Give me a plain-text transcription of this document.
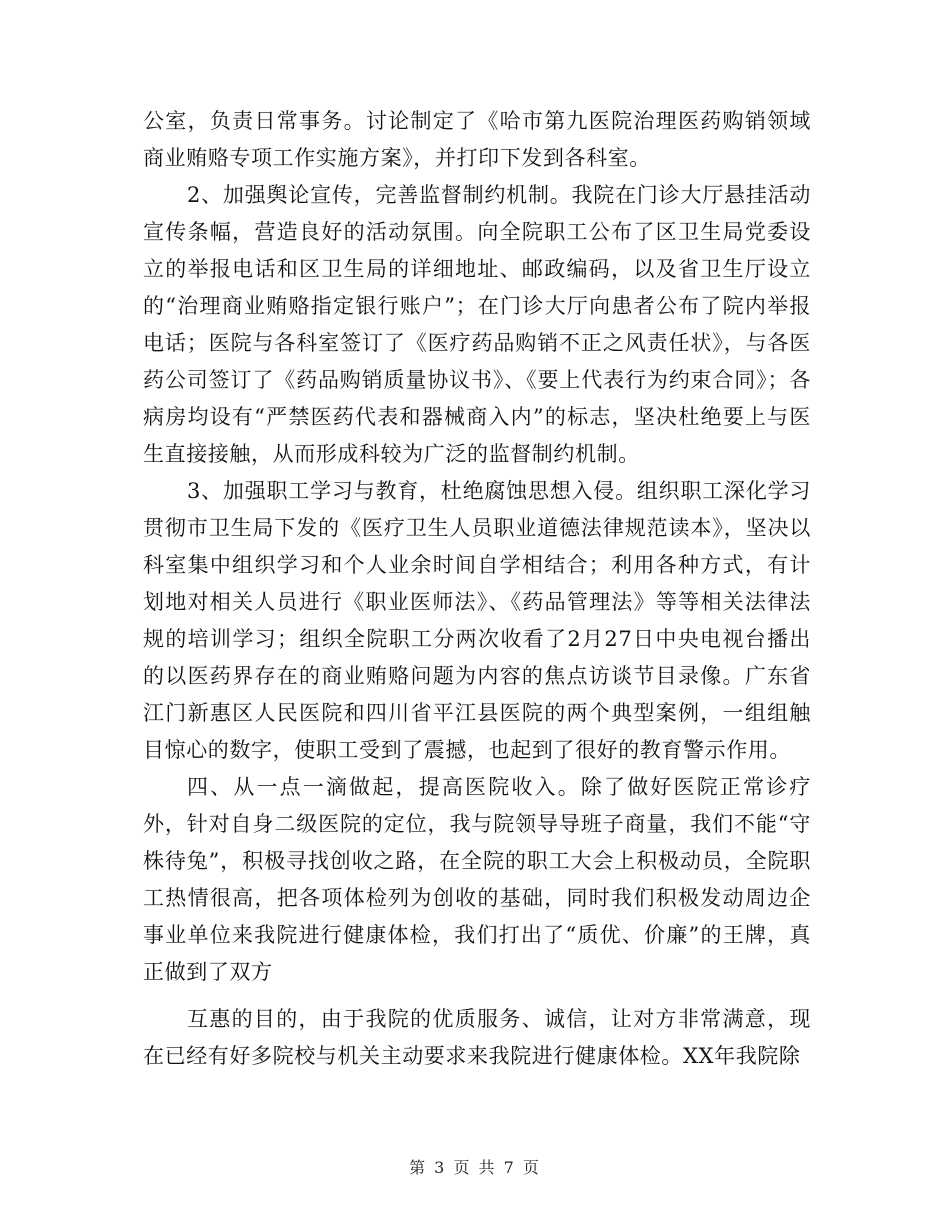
公室，负责日常事务。讨论制定了《哈市第九医院治理医药购销领域商业贿赂专项工作实施方案》，并打印下发到各科室。

2、加强舆论宣传，完善监督制约机制。我院在门诊大厅悬挂活动宣传条幅，营造良好的活动氛围。向全院职工公布了区卫生局党委设立的举报电话和区卫生局的详细地址、邮政编码，以及省卫生厅设立的“治理商业贿赂指定银行账户”；在门诊大厅向患者公布了院内举报电话；医院与各科室签订了《医疗药品购销不正之风责任状》，与各医药公司签订了《药品购销质量协议书》、《要上代表行为约束合同》；各病房均设有“严禁医药代表和器械商入内”的标志，坚决杜绝要上与医生直接接触，从而形成科较为广泛的监督制约机制。

3、加强职工学习与教育，杜绝腐蚀思想入侵。组织职工深化学习贯彻市卫生局下发的《医疗卫生人员职业道德法律规范读本》，坚决以科室集中组织学习和个人业余时间自学相结合；利用各种方式，有计划地对相关人员进行《职业医师法》、《药品管理法》等等相关法律法规的培训学习；组织全院职工分两次收看了2月27日中央电视台播出的以医药界存在的商业贿赂问题为内容的焦点访谈节目录像。广东省江门新惠区人民医院和四川省平江县医院的两个典型案例，一组组触目惊心的数字，使职工受到了震撼，也起到了很好的教育警示作用。

四、从一点一滴做起，提高医院收入。除了做好医院正常诊疗外，针对自身二级医院的定位，我与院领导导班子商量，我们不能“守株待兔”，积极寻找创收之路，在全院的职工大会上积极动员，全院职工热情很高，把各项体检列为创收的基础，同时我们积极发动周边企事业单位来我院进行健康体检，我们打出了“质优、价廉”的王牌，真正做到了双方

互惠的目的，由于我院的优质服务、诚信，让对方非常满意，现在已经有好多院校与机关主动要求来我院进行健康体检。XX年我院除

第 3 页 共 7 页
